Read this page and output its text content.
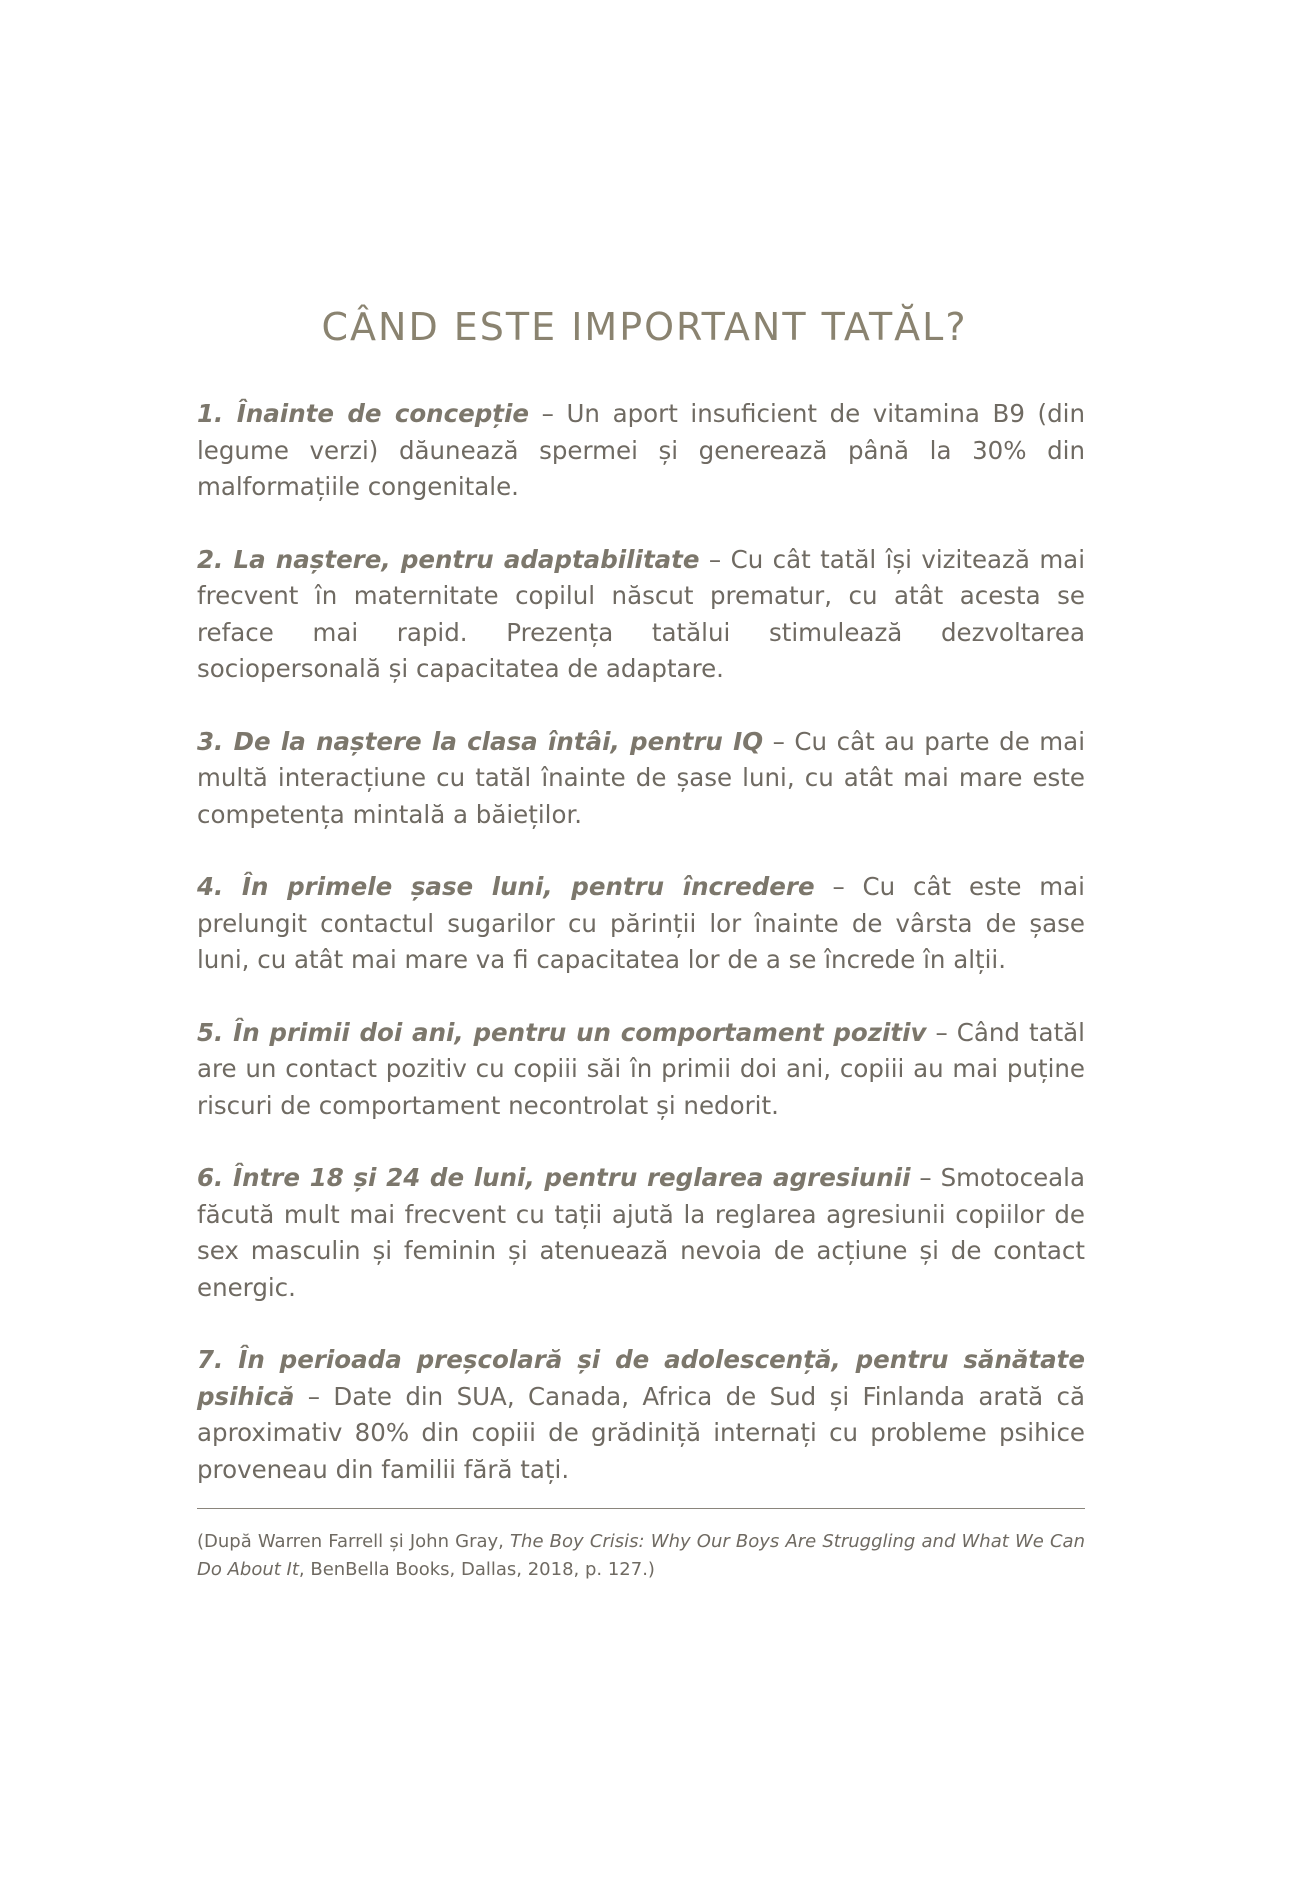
CÂND ESTE IMPORTANT TATĂL?

1. Înainte de concepție – Un aport insuficient de vitamina B9 (din legume verzi) dăunează spermei și generează până la 30% din malformațiile congenitale.

2. La naștere, pentru adaptabilitate – Cu cât tatăl își vizitează mai frecvent în maternitate copilul născut prematur, cu atât acesta se reface mai rapid. Prezența tatălui stimulează dezvoltarea sociopersonală și capacitatea de adaptare.

3. De la naștere la clasa întâi, pentru IQ – Cu cât au parte de mai multă interacțiune cu tatăl înainte de șase luni, cu atât mai mare este competența mintală a băieților.

4. În primele șase luni, pentru încredere – Cu cât este mai prelungit contactul sugarilor cu părinții lor înainte de vârsta de șase luni, cu atât mai mare va fi capacitatea lor de a se încrede în alții.

5. În primii doi ani, pentru un comportament pozitiv – Când tatăl are un contact pozitiv cu copiii săi în primii doi ani, copiii au mai puține riscuri de comportament necontrolat și nedorit.

6. Între 18 și 24 de luni, pentru reglarea agresiunii – Smotoceala făcută mult mai frecvent cu tații ajută la reglarea agresiunii copiilor de sex masculin și feminin și atenuează nevoia de acțiune și de contact energic.

7. În perioada preșcolară și de adolescență, pentru sănătate psihică – Date din SUA, Canada, Africa de Sud și Finlanda arată că aproximativ 80% din copiii de grădiniță internați cu probleme psihice proveneau din familii fără tați.

(După Warren Farrell și John Gray, The Boy Crisis: Why Our Boys Are Struggling and What We Can Do About It, BenBella Books, Dallas, 2018, p. 127.)
